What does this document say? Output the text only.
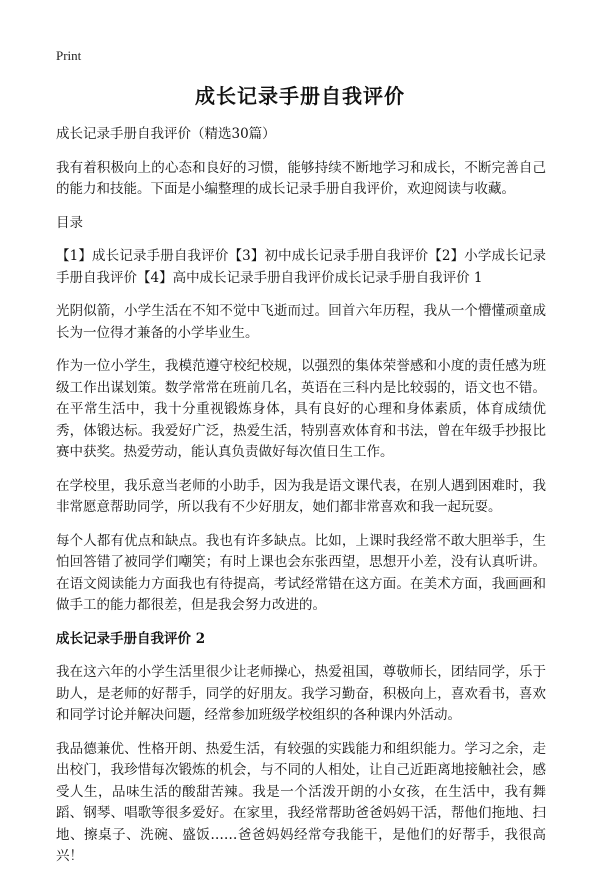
Print
成长记录手册自我评价

成长记录手册自我评价（精选30篇）

我有着积极向上的心态和良好的习惯，能够持续不断地学习和成长，不断完善自己的能力和技能。下面是小编整理的成长记录手册自我评价，欢迎阅读与收藏。

目录

【1】成长记录手册自我评价【3】初中成长记录手册自我评价【2】小学成长记录手册自我评价【4】高中成长记录手册自我评价成长记录手册自我评价 1

光阴似箭，小学生活在不知不觉中飞逝而过。回首六年历程，我从一个懵懂顽童成长为一位得才兼备的小学毕业生。

作为一位小学生，我模范遵守校纪校规，以强烈的集体荣誉感和小度的责任感为班级工作出谋划策。数学常常在班前几名，英语在三科内是比较弱的，语文也不错。在平常生活中，我十分重视锻炼身体，具有良好的心理和身体素质，体育成绩优秀，体锻达标。我爱好广泛，热爱生活，特别喜欢体育和书法，曾在年级手抄报比赛中获奖。热爱劳动，能认真负责做好每次值日生工作。

在学校里，我乐意当老师的小助手，因为我是语文课代表，在别人遇到困难时，我非常愿意帮助同学，所以我有不少好朋友，她们都非常喜欢和我一起玩耍。

每个人都有优点和缺点。我也有许多缺点。比如，上课时我经常不敢大胆举手，生怕回答错了被同学们嘲笑；有时上课也会东张西望，思想开小差，没有认真听讲。在语文阅读能力方面我也有待提高，考试经常错在这方面。在美术方面，我画画和做手工的能力都很差，但是我会努力改进的。

成长记录手册自我评价 2

我在这六年的小学生活里很少让老师操心，热爱祖国，尊敬师长，团结同学，乐于助人，是老师的好帮手，同学的好朋友。我学习勤奋，积极向上，喜欢看书，喜欢和同学讨论并解决问题，经常参加班级学校组织的各种课内外活动。

我品德兼优、性格开朗、热爱生活，有较强的实践能力和组织能力。学习之余，走出校门，我珍惜每次锻炼的机会，与不同的人相处，让自己近距离地接触社会，感受人生，品味生活的酸甜苦辣。我是一个活泼开朗的小女孩，在生活中，我有舞蹈、钢琴、唱歌等很多爱好。在家里，我经常帮助爸爸妈妈干活，帮他们拖地、扫地、擦桌子、洗碗、盛饭……爸爸妈妈经常夸我能干，是他们的好帮手，我很高兴！
